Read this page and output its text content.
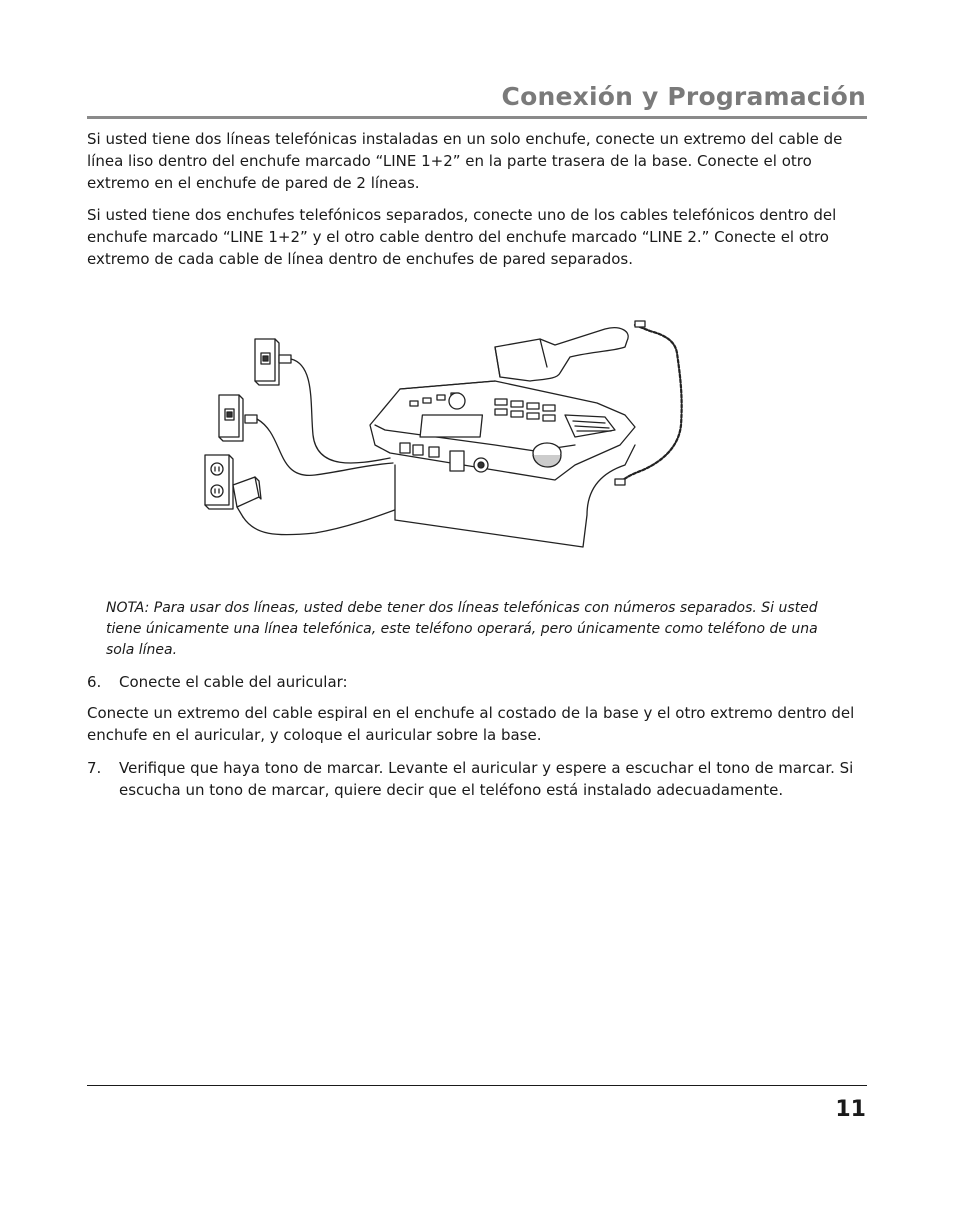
Conexión y Programación

Si usted tiene dos líneas telefónicas instaladas en un solo enchufe, conecte un extremo del cable de línea liso dentro del enchufe marcado “LINE 1+2” en la parte trasera de la base. Conecte el otro extremo en el enchufe de pared de 2 líneas.

Si usted tiene dos enchufes telefónicos separados, conecte uno de los cables telefónicos dentro del enchufe marcado “LINE 1+2” y el otro cable dentro del enchufe marcado “LINE 2.” Conecte el otro extremo de cada cable de línea dentro de enchufes de pared separados.

NOTA: Para usar dos líneas, usted debe tener dos líneas telefónicas con números separados. Si usted tiene únicamente una línea telefónica, este teléfono operará, pero únicamente como teléfono de una sola línea.

6.	Conecte el cable del auricular:

Conecte un extremo del cable espiral en el enchufe al costado de la base y el otro extremo dentro del enchufe en el auricular, y coloque el auricular sobre la base.

7.	Verifique que haya tono de marcar. Levante el auricular y espere a escuchar el tono de marcar. Si escucha un tono de marcar, quiere decir que el teléfono está instalado adecuadamente.

11
